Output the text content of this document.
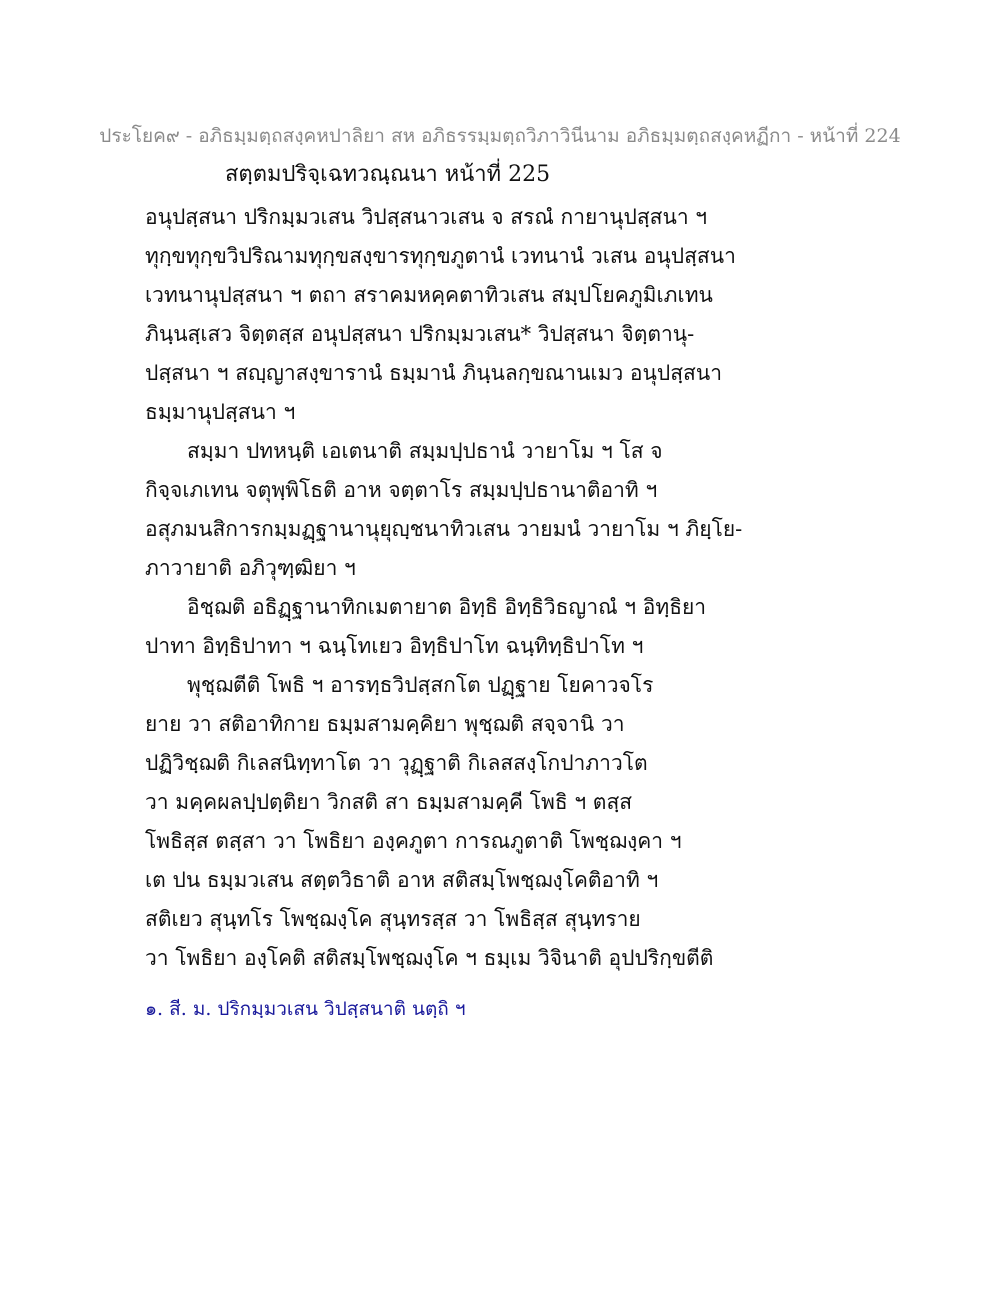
ประโยค๙ - อภิธมฺมตฺถสงฺคหปาลิยา สห อภิธรรมฺมตฺถวิภาวินีนาม อภิธมฺมตฺถสงฺคหฏีกา - หน้าที่ 224
สตฺตมปริจฺเฉทวณฺณนา หน้าที่ 225
อนุปสฺสนา ปริกมฺมวเสน วิปสฺสนาวเสน จ สรณํ กายานุปสฺสนา ฯ
ทุกฺขทุกฺขวิปริณามทุกฺขสงฺขารทุกฺขภูตานํ เวทนานํ วเสน อนุปสฺสนา
เวทนานุปสฺสนา ฯ ตถา สราคมหคฺคตาทิวเสน สมฺปโยคภูมิเภเทน
ภินฺนสฺเสว จิตฺตสฺส อนุปสฺสนา ปริกมฺมวเสน* วิปสฺสนา จิตฺตานุ-
ปสฺสนา ฯ สญฺญาสงฺขารานํ ธมฺมานํ ภินฺนลกฺขณานเมว อนุปสฺสนา
ธมฺมานุปสฺสนา ฯ
สมฺมา ปทหนฺติ เอเตนาติ สมฺมปฺปธานํ วายาโม ฯ โส จ
กิจฺจเภเทน จตุพฺพิโธติ อาห จตฺตาโร สมฺมปฺปธานาติอาทิ ฯ
อสุภมนสิการกมฺมฏฺฐานานุยุญฺชนาทิวเสน วายมนํ วายาโม ฯ ภิยฺโย-
ภาวายาติ อภิวุฑฺฒิยา ฯ
อิชฺฌติ อธิฏฺฐานาทิกเมตายาต อิทฺธิ อิทฺธิวิธญาณํ ฯ อิทฺธิยา
ปาทา อิทฺธิปาทา ฯ ฉนฺโทเยว อิทฺธิปาโท ฉนฺทิทฺธิปาโท ฯ
พุชฺฌตีติ โพธิ ฯ อารทฺธวิปสฺสกโต ปฏฺฐาย โยคาวจโร
ยาย วา สติอาทิกาย ธมฺมสามคฺคิยา พุชฺฌติ สจฺจานิ วา
ปฏิวิชฺฌติ กิเลสนิทฺทาโต วา วุฏฺฐาติ กิเลสสงฺโกปาภาวโต
วา มคฺคผลปฺปตฺติยา วิกสติ สา ธมฺมสามคฺคี โพธิ ฯ ตสฺส
โพธิสฺส ตสฺสา วา โพธิยา องฺคภูตา การณภูตาติ โพชฺฌงฺคา ฯ
เต ปน ธมฺมวเสน สตฺตวิธาติ อาห สติสมฺโพชฺฌงฺโคติอาทิ ฯ
สติเยว สุนฺทโร โพชฺฌงฺโค สุนฺทรสฺส วา โพธิสฺส สุนฺทราย
วา โพธิยา องฺโคติ สติสมฺโพชฺฌงฺโค ฯ ธมฺเม วิจินาติ อุปปริกฺขตีติ
๑. สี. ม. ปริกมฺมวเสน วิปสฺสนาติ นตฺถิ ฯ
